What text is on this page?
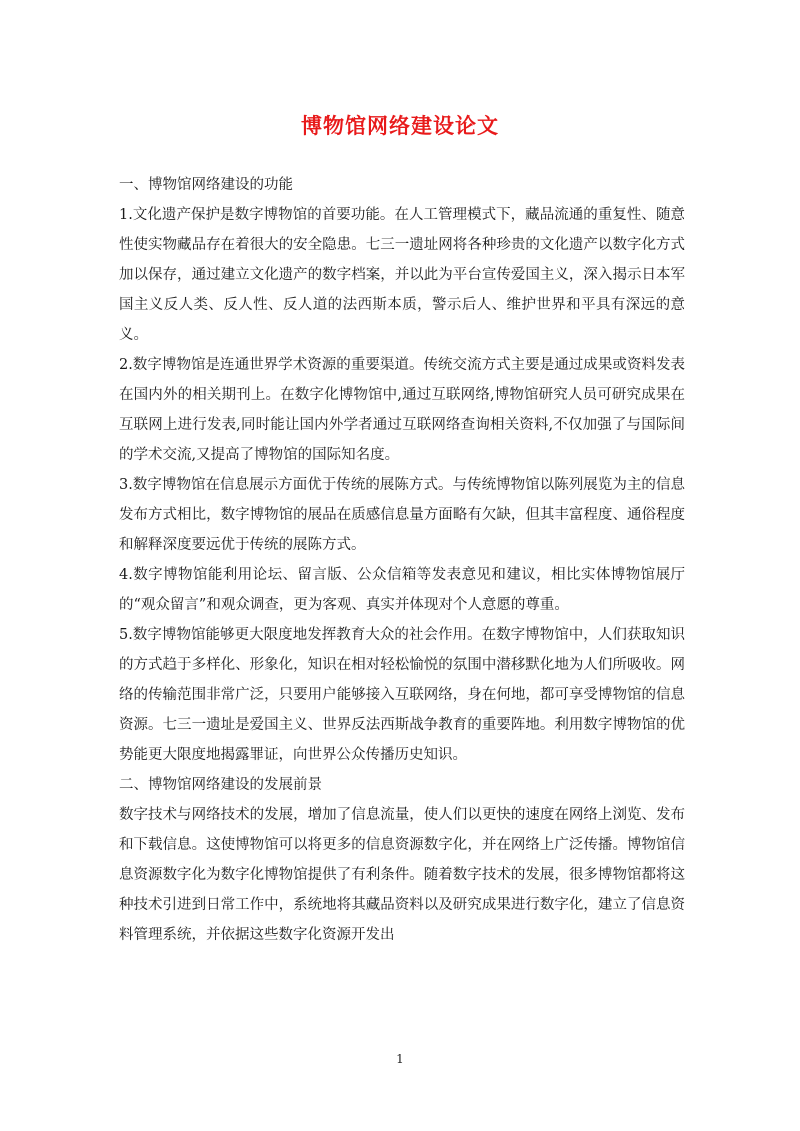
博物馆网络建设论文

一、博物馆网络建设的功能

1.文化遗产保护是数字博物馆的首要功能。在人工管理模式下，藏品流通的重复性、随意性使实物藏品存在着很大的安全隐患。七三一遗址网将各种珍贵的文化遗产以数字化方式加以保存，通过建立文化遗产的数字档案，并以此为平台宣传爱国主义，深入揭示日本军国主义反人类、反人性、反人道的法西斯本质，警示后人、维护世界和平具有深远的意义。

2.数字博物馆是连通世界学术资源的重要渠道。传统交流方式主要是通过成果或资料发表在国内外的相关期刊上。在数字化博物馆中,通过互联网络,博物馆研究人员可研究成果在互联网上进行发表,同时能让国内外学者通过互联网络查询相关资料,不仅加强了与国际间的学术交流,又提高了博物馆的国际知名度。

3.数字博物馆在信息展示方面优于传统的展陈方式。与传统博物馆以陈列展览为主的信息发布方式相比，数字博物馆的展品在质感信息量方面略有欠缺，但其丰富程度、通俗程度和解释深度要远优于传统的展陈方式。

4.数字博物馆能利用论坛、留言版、公众信箱等发表意见和建议，相比实体博物馆展厅的“观众留言”和观众调查，更为客观、真实并体现对个人意愿的尊重。

5.数字博物馆能够更大限度地发挥教育大众的社会作用。在数字博物馆中，人们获取知识的方式趋于多样化、形象化，知识在相对轻松愉悦的氛围中潜移默化地为人们所吸收。网络的传输范围非常广泛，只要用户能够接入互联网络，身在何地，都可享受博物馆的信息资源。七三一遗址是爱国主义、世界反法西斯战争教育的重要阵地。利用数字博物馆的优势能更大限度地揭露罪证，向世界公众传播历史知识。

二、博物馆网络建设的发展前景

数字技术与网络技术的发展，增加了信息流量，使人们以更快的速度在网络上浏览、发布和下载信息。这使博物馆可以将更多的信息资源数字化，并在网络上广泛传播。博物馆信息资源数字化为数字化博物馆提供了有利条件。随着数字技术的发展，很多博物馆都将这种技术引进到日常工作中，系统地将其藏品资料以及研究成果进行数字化，建立了信息资料管理系统，并依据这些数字化资源开发出

1
